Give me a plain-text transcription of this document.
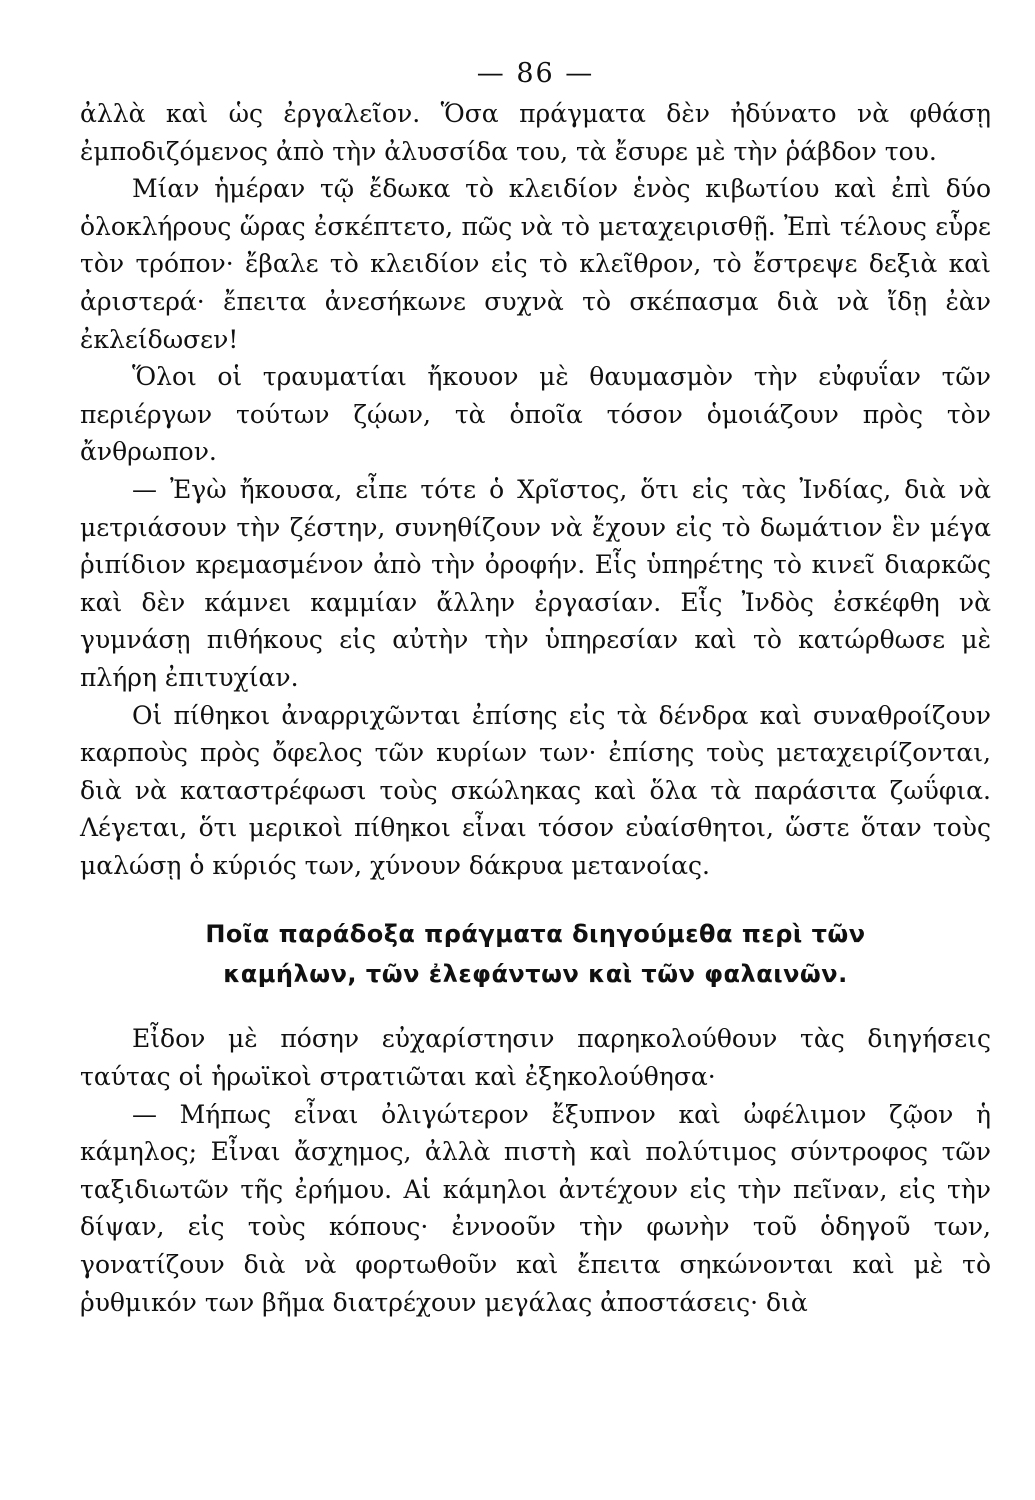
— 86 —

ἀλλὰ καὶ ὡς ἐργαλεῖον. Ὅσα πράγματα δὲν ἠδύνατο νὰ φθάσῃ ἐμποδιζόμενος ἀπὸ τὴν ἀλυσσίδα του, τὰ ἔσυρε μὲ τὴν ῥάβδον του.

Μίαν ἡμέραν τῷ ἔδωκα τὸ κλειδίον ἑνὸς κιβωτίου καὶ ἐπὶ δύο ὁλοκλήρους ὥρας ἐσκέπτετο, πῶς νὰ τὸ μεταχειρισθῇ. Ἐπὶ τέλους εὗρε τὸν τρόπον· ἔβαλε τὸ κλειδίον εἰς τὸ κλεῖθρον, τὸ ἔστρεψε δεξιὰ καὶ ἀριστερά· ἔπειτα ἀνεσήκωνε συχνὰ τὸ σκέπασμα διὰ νὰ ἴδῃ ἐὰν ἐκλείδωσεν!

Ὅλοι οἱ τραυματίαι ἤκουον μὲ θαυμασμὸν τὴν εὐφυΐαν τῶν περιέργων τούτων ζῴων, τὰ ὁποῖα τόσον ὁμοιάζουν πρὸς τὸν ἄνθρωπον.

— Ἐγὼ ἤκουσα, εἶπε τότε ὁ Χρῖστος, ὅτι εἰς τὰς Ἰνδίας, διὰ νὰ μετριάσουν τὴν ζέστην, συνηθίζουν νὰ ἔχουν εἰς τὸ δωμάτιον ἓν μέγα ῥιπίδιον κρεμασμένον ἀπὸ τὴν ὀροφήν. Εἷς ὑπηρέτης τὸ κινεῖ διαρκῶς καὶ δὲν κάμνει καμμίαν ἄλλην ἐργασίαν. Εἷς Ἰνδὸς ἐσκέφθη νὰ γυμνάσῃ πιθήκους εἰς αὐτὴν τὴν ὑπηρεσίαν καὶ τὸ κατώρθωσε μὲ πλήρη ἐπιτυχίαν.

Οἱ πίθηκοι ἀναρριχῶνται ἐπίσης εἰς τὰ δένδρα καὶ συναθροίζουν καρποὺς πρὸς ὄφελος τῶν κυρίων των· ἐπίσης τοὺς μεταχειρίζονται, διὰ νὰ καταστρέφωσι τοὺς σκώληκας καὶ ὅλα τὰ παράσιτα ζωΰφια. Λέγεται, ὅτι μερικοὶ πίθηκοι εἶναι τόσον εὐαίσθητοι, ὥστε ὅταν τοὺς μαλώσῃ ὁ κύριός των, χύνουν δάκρυα μετανοίας.

Ποῖα παράδοξα πράγματα διηγούμεθα περὶ τῶν
καμήλων, τῶν ἐλεφάντων καὶ τῶν φαλαινῶν.

Εἶδον μὲ πόσην εὐχαρίστησιν παρηκολούθουν τὰς διηγήσεις ταύτας οἱ ἡρωϊκοὶ στρατιῶται καὶ ἐξηκολούθησα·

— Μήπως εἶναι ὀλιγώτερον ἔξυπνον καὶ ὠφέλιμον ζῷον ἡ κάμηλος; Εἶναι ἄσχημος, ἀλλὰ πιστὴ καὶ πολύτιμος σύντροφος τῶν ταξιδιωτῶν τῆς ἐρήμου. Αἱ κάμηλοι ἀντέχουν εἰς τὴν πεῖναν, εἰς τὴν δίψαν, εἰς τοὺς κόπους· ἐννοοῦν τὴν φωνὴν τοῦ ὁδηγοῦ των, γονατίζουν διὰ νὰ φορτωθοῦν καὶ ἔπειτα σηκώνονται καὶ μὲ τὸ ῥυθμικόν των βῆμα διατρέχουν μεγάλας ἀποστάσεις· διὰ
